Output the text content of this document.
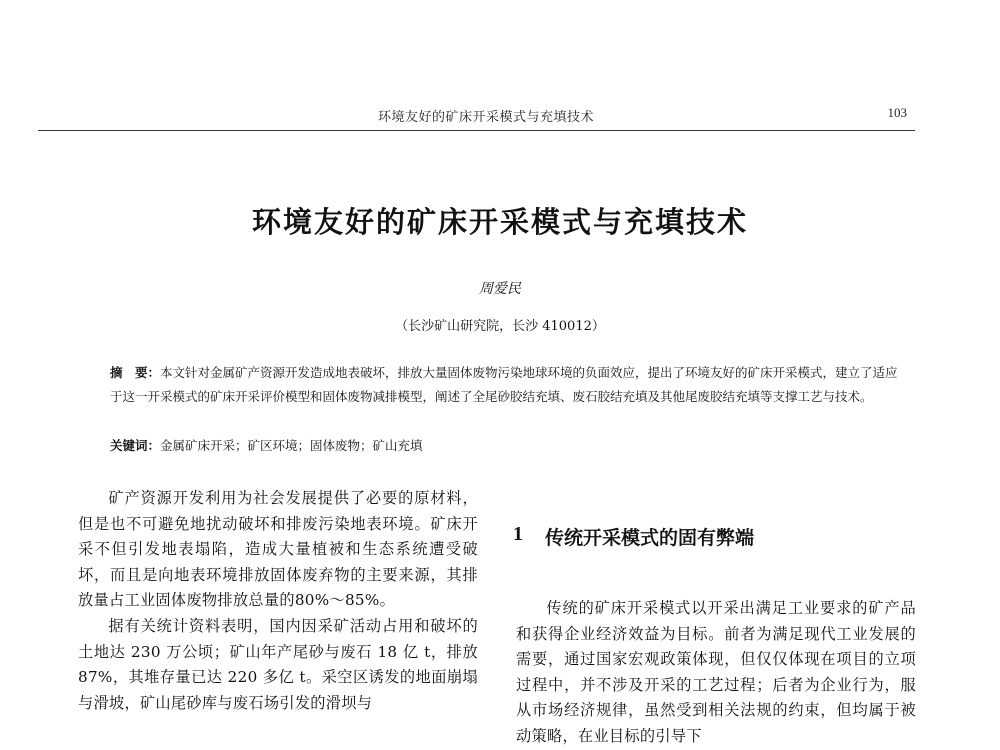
环境友好的矿床开采模式与充填技术	103
环境友好的矿床开采模式与充填技术
周爱民
（长沙矿山研究院，长沙 410012）
摘　要：本文针对金属矿产资源开发造成地表破坏，排放大量固体废物污染地球环境的负面效应，提出了环境友好的矿床开采模式，建立了适应于这一开采模式的矿床开采评价模型和固体废物减排模型，阐述了全尾砂胶结充填、废石胶结充填及其他尾废胶结充填等支撑工艺与技术。
关键词：金属矿床开采；矿区环境；固体废物；矿山充填

矿产资源开发利用为社会发展提供了必要的原材料，但是也不可避免地扰动破坏和排废污染地表环境。矿床开采不但引发地表塌陷，造成大量植被和生态系统遭受破坏，而且是向地表环境排放固体废弃物的主要来源，其排放量占工业固体废物排放总量的80%～85%。

据有关统计资料表明，国内因采矿活动占用和破坏的土地达 230 万公顷；矿山年产尾砂与废石 18 亿 t，排放 87%，其堆存量已达 220 多亿 t。采空区诱发的地面崩塌与滑坡，矿山尾砂库与废石场引发的滑坝与

1 传统开采模式的固有弊端

传统的矿床开采模式以开采出满足工业要求的矿产品和获得企业经济效益为目标。前者为满足现代工业发展的需要，通过国家宏观政策体现，但仅仅体现在项目的立项过程中，并不涉及开采的工艺过程；后者为企业行为，服从市场经济规律，虽然受到相关法规的约束，但均属于被动策略，在业目标的引导下
